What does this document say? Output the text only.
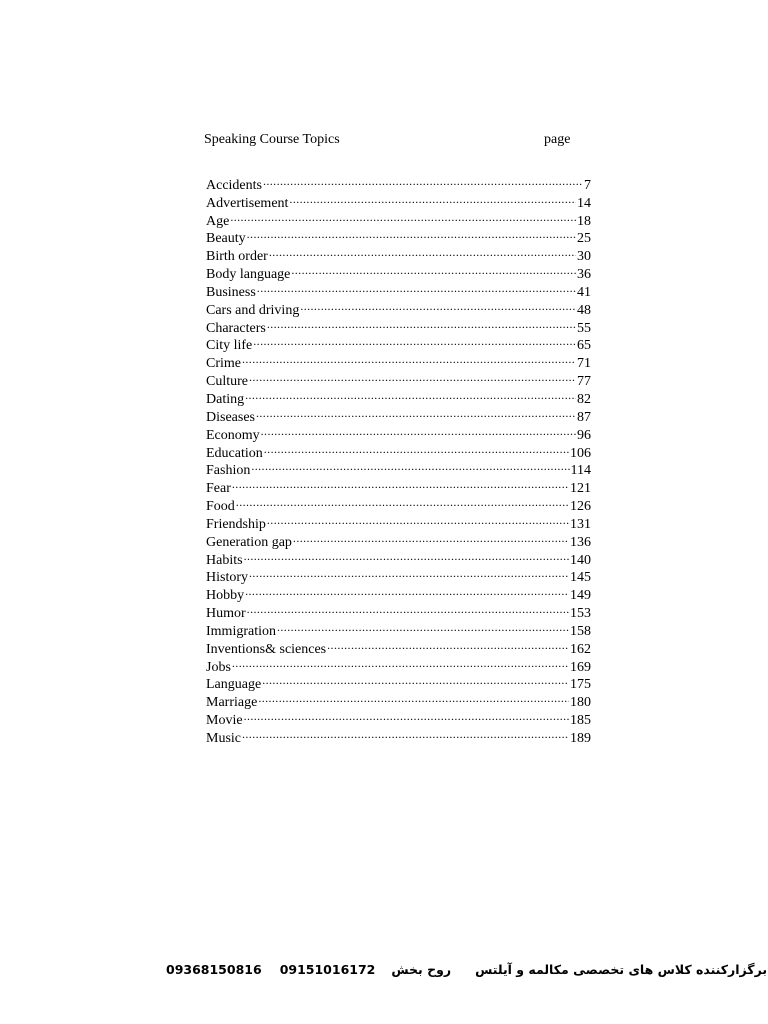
Speaking Course Topics	page
Accidents .....	7
Advertisement .....	14
Age .....	18
Beauty .....	25
Birth order .....	30
Body language .....	36
Business .....	41
Cars and driving .....	48
Characters .....	55
City life .....	65
Crime .....	71
Culture .....	77
Dating .....	82
Diseases .....	87
Economy .....	96
Education .....	106
Fashion .....	114
Fear .....	121
Food .....	126
Friendship .....	131
Generation gap .....	136
Habits .....	140
History .....	145
Hobby .....	149
Humor .....	153
Immigration .....	158
Inventions& sciences .....	162
Jobs .....	169
Language .....	175
Marriage .....	180
Movie .....	185
Music .....	189
09368150816 09151016172 روح بخش برگزارکننده کلاس های تخصصی مکالمه و آیلتس
